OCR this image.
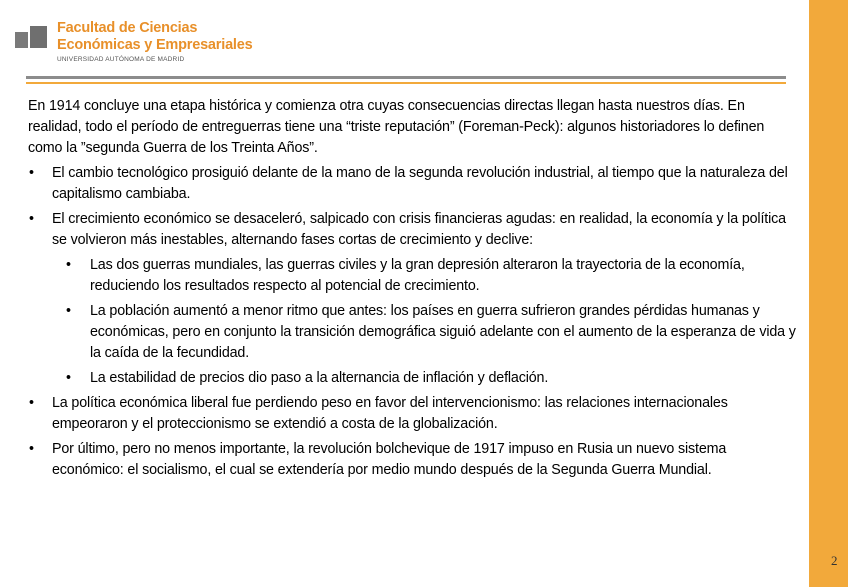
2
Facultad de Ciencias
Económicas y Empresariales
UNIVERSIDAD AUTÓNOMA DE MADRID

En 1914 concluye una etapa histórica y comienza otra cuyas consecuencias directas llegan hasta nuestros días. En realidad, todo el período de entreguerras tiene una “triste reputación” (Foreman-Peck): algunos historiadores lo definen como la ”segunda Guerra de los Treinta Años”.

• El cambio tecnológico prosiguió delante de la mano de la segunda revolución industrial, al tiempo que la naturaleza del capitalismo cambiaba.
• El crecimiento económico se desaceleró, salpicado con crisis financieras agudas: en realidad, la economía y la política se volvieron más inestables, alternando fases cortas de crecimiento y declive:
• Las dos guerras mundiales, las guerras civiles y la gran depresión alteraron la trayectoria de la economía, reduciendo los resultados respecto al potencial de crecimiento.
• La población aumentó a menor ritmo que antes: los países en guerra sufrieron grandes pérdidas humanas y económicas, pero en conjunto la transición demográfica siguió adelante con el aumento de la esperanza de vida y la caída de la fecundidad.
• La estabilidad de precios dio paso a la alternancia de inflación y deflación.
• La política económica liberal fue perdiendo peso en favor del intervencionismo: las relaciones internacionales empeoraron y el proteccionismo se extendió a costa de la globalización.
• Por último, pero no menos importante, la revolución bolchevique de 1917 impuso en Rusia un nuevo sistema económico: el socialismo, el cual se extendería por medio mundo después de la Segunda Guerra Mundial.
